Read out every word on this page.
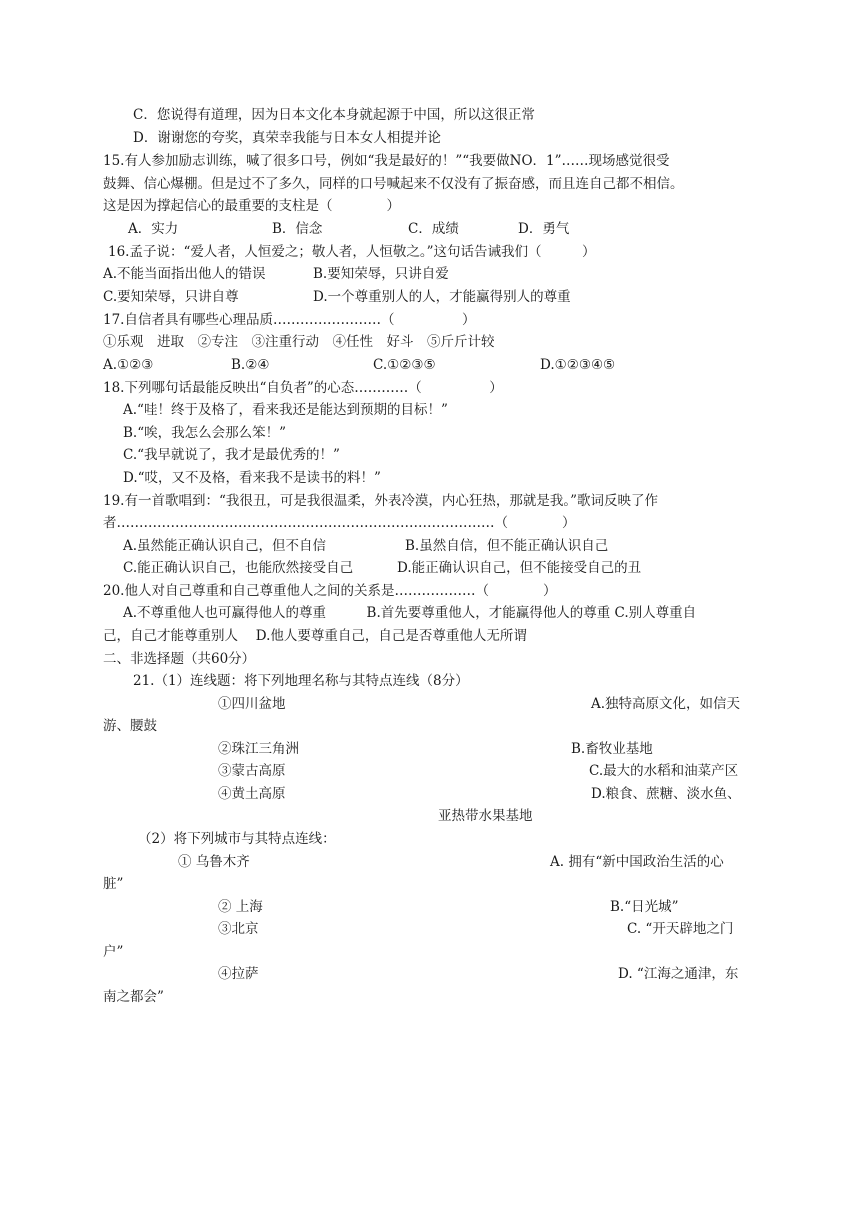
C．您说得有道理，因为日本文化本身就起源于中国，所以这很正常
D．谢谢您的夸奖，真荣幸我能与日本女人相提并论
15.有人参加励志训练，喊了很多口号，例如“我是最好的！”“我要做NO．1”……现场感觉很受
鼓舞、信心爆棚。但是过不了多久，同样的口号喊起来不仅没有了振奋感，而且连自己都不相信。
这是因为撑起信心的最重要的支柱是（　　　　）
A．实力	B．信念	C．成绩	D．勇气
16.孟子说：“爱人者，人恒爱之；敬人者，人恒敬之。”这句话告诫我们（　　　）
A.不能当面指出他人的错误	B.要知荣辱，只讲自爱
C.要知荣辱，只讲自尊	D.一个尊重别人的人，才能赢得别人的尊重
17.自信者具有哪些心理品质……………………（　　　　　）
①乐观　进取　②专注　③注重行动　④任性　好斗　⑤斤斤计较
A.①②③	B.②④	C.①②③⑤	D.①②③④⑤
18.下列哪句话最能反映出“自负者”的心态…………（　　　　　）
A.“哇！终于及格了，看来我还是能达到预期的目标！”
B.“唉，我怎么会那么笨！”
C.“我早就说了，我才是最优秀的！”
D.“哎，又不及格，看来我不是读书的料！”
19.有一首歌唱到：“我很丑，可是我很温柔，外表冷漠，内心狂热，那就是我。”歌词反映了作
者…………………………………………………………………………（　　　　）
A.虽然能正确认识自己，但不自信	B.虽然自信，但不能正确认识自己
C.能正确认识自己，也能欣然接受自己	D.能正确认识自己，但不能接受自己的丑
20.他人对自己尊重和自己尊重他人之间的关系是………………（　　　　）
A.不尊重他人也可赢得他人的尊重　　　B.首先要尊重他人，才能赢得他人的尊重 C.别人尊重自
己，自己才能尊重别人　 D.他人要尊重自己，自己是否尊重他人无所谓
二、非选择题（共60分）
21.（1）连线题：将下列地理名称与其特点连线（8分）
①四川盆地	A.独特高原文化，如信天
游、腰鼓
②珠江三角洲	B.畜牧业基地
③蒙古高原	C.最大的水稻和油菜产区
④黄土高原	D.粮食、蔗糖、淡水鱼、
亚热带水果基地
（2）将下列城市与其特点连线：
① 乌鲁木齐	A. 拥有“新中国政治生活的心
脏”
② 上海	B.“日光城”
③北京	C. “开天辟地之门
户”
④拉萨	D. “江海之通津，东
南之都会”
